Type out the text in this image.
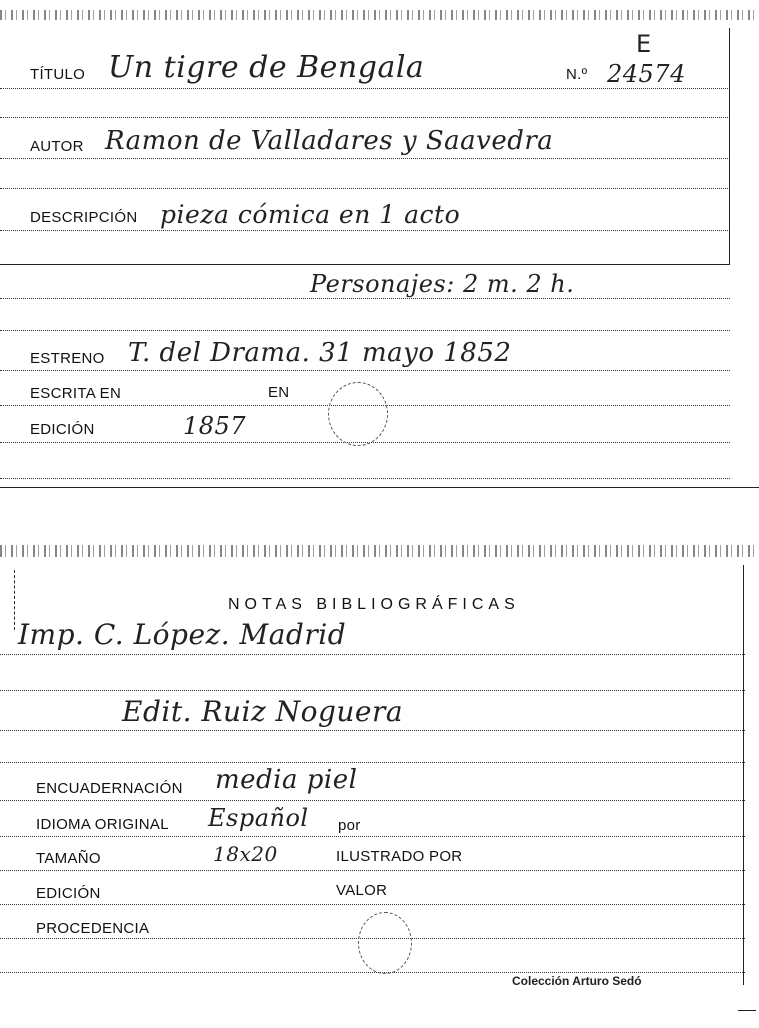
E
TÍTULO Un tigre de Bengala	N.º 24574
AUTOR Ramon de Valladares y Saavedra
DESCRIPCIÓN pieza cómica en 1 acto
Personajes: 2 m. 2 h.
ESTRENO T. del Drama. 31 mayo 1852
ESCRITA EN	EN
EDICIÓN	1857
NOTAS BIBLIOGRÁFICAS
Imp. C. López. Madrid
Edit. Ruiz Noguera
ENCUADERNACIÓN media piel
IDIOMA ORIGINAL Español por
TAMAÑO	18x20	ILUSTRADO POR
EDICIÓN	VALOR
PROCEDENCIA
Colección Arturo Sedó
